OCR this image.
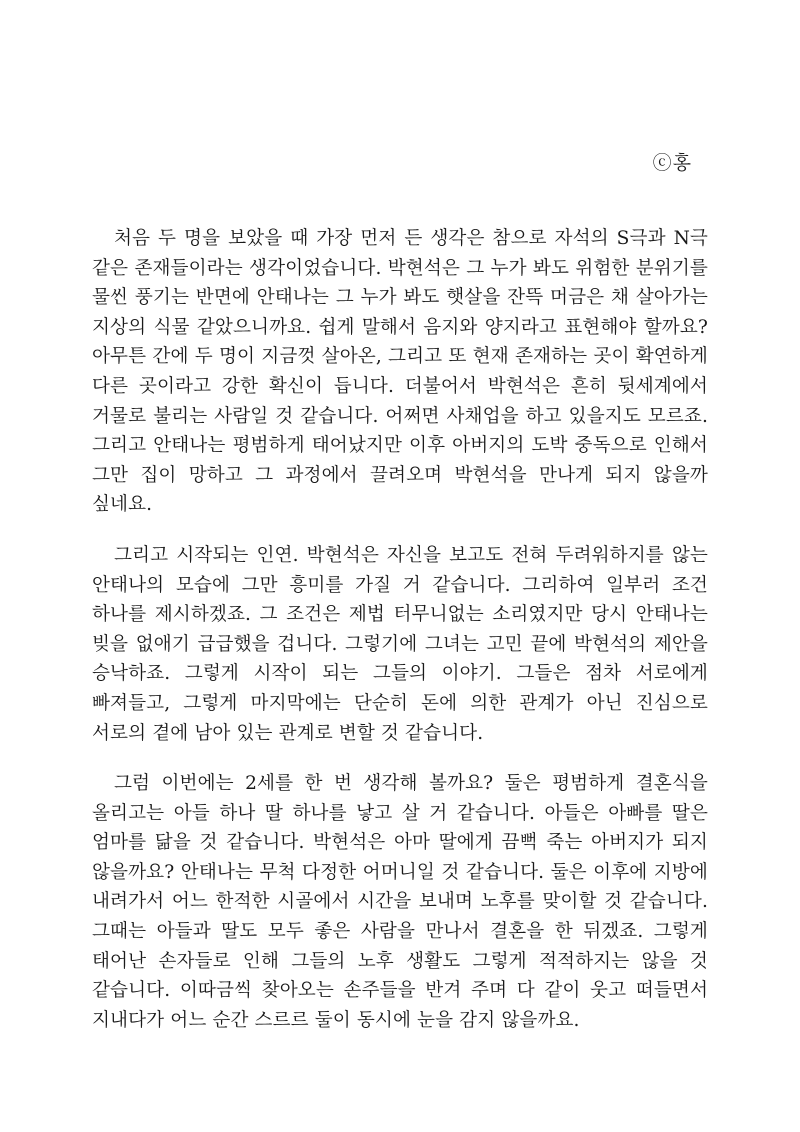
ⓒ홍

처음 두 명을 보았을 때 가장 먼저 든 생각은 참으로 자석의 S극과 N극 같은 존재들이라는 생각이었습니다. 박현석은 그 누가 봐도 위험한 분위기를 물씬 풍기는 반면에 안태나는 그 누가 봐도 햇살을 잔뜩 머금은 채 살아가는 지상의 식물 같았으니까요. 쉽게 말해서 음지와 양지라고 표현해야 할까요? 아무튼 간에 두 명이 지금껏 살아온, 그리고 또 현재 존재하는 곳이 확연하게 다른 곳이라고 강한 확신이 듭니다. 더불어서 박현석은 흔히 뒷세계에서 거물로 불리는 사람일 것 같습니다. 어쩌면 사채업을 하고 있을지도 모르죠. 그리고 안태나는 평범하게 태어났지만 이후 아버지의 도박 중독으로 인해서 그만 집이 망하고 그 과정에서 끌려오며 박현석을 만나게 되지 않을까 싶네요.

그리고 시작되는 인연. 박현석은 자신을 보고도 전혀 두려워하지를 않는 안태나의 모습에 그만 흥미를 가질 거 같습니다. 그리하여 일부러 조건 하나를 제시하겠죠. 그 조건은 제법 터무니없는 소리였지만 당시 안태나는 빚을 없애기 급급했을 겁니다. 그렇기에 그녀는 고민 끝에 박현석의 제안을 승낙하죠. 그렇게 시작이 되는 그들의 이야기. 그들은 점차 서로에게 빠져들고, 그렇게 마지막에는 단순히 돈에 의한 관계가 아닌 진심으로 서로의 곁에 남아 있는 관계로 변할 것 같습니다.

그럼 이번에는 2세를 한 번 생각해 볼까요? 둘은 평범하게 결혼식을 올리고는 아들 하나 딸 하나를 낳고 살 거 같습니다. 아들은 아빠를 딸은 엄마를 닮을 것 같습니다. 박현석은 아마 딸에게 끔뻑 죽는 아버지가 되지 않을까요? 안태나는 무척 다정한 어머니일 것 같습니다. 둘은 이후에 지방에 내려가서 어느 한적한 시골에서 시간을 보내며 노후를 맞이할 것 같습니다. 그때는 아들과 딸도 모두 좋은 사람을 만나서 결혼을 한 뒤겠죠. 그렇게 태어난 손자들로 인해 그들의 노후 생활도 그렇게 적적하지는 않을 것 같습니다. 이따금씩 찾아오는 손주들을 반겨 주며 다 같이 웃고 떠들면서 지내다가 어느 순간 스르르 둘이 동시에 눈을 감지 않을까요.
